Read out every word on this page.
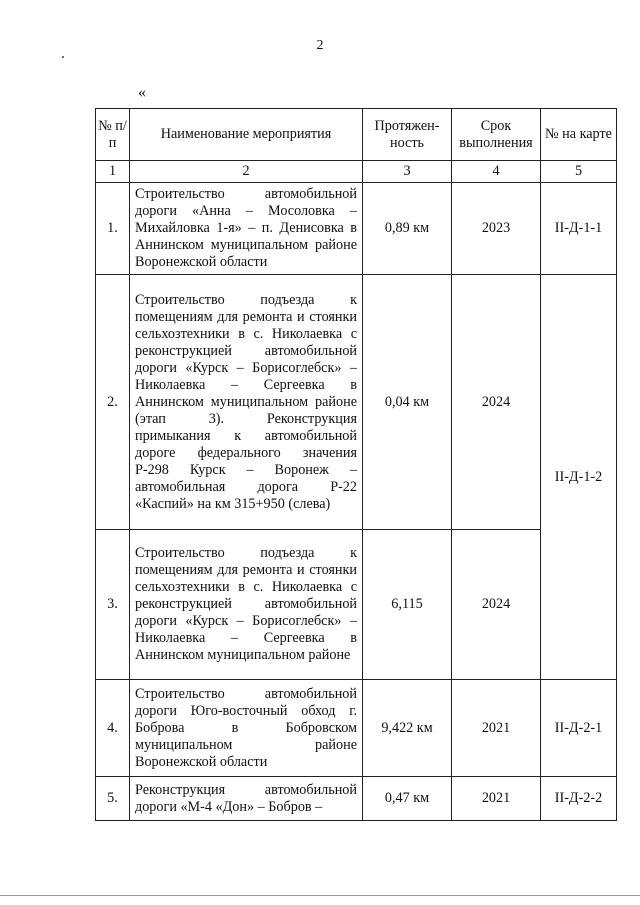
2
«
№ п/п	Наименование мероприятия	Протяжен-ность	Срок выполнения	№ на карте
1	2	3	4	5
1.	Строительство автомобильной дороги «Анна – Мосоловка – Михайловка 1-я» – п. Денисовка в Аннинском муниципальном районе Воронежской области	0,89 км	2023	II-Д-1-1
2.	Строительство подъезда к помещениям для ремонта и стоянки сельхозтехники в с. Николаевка с реконструкцией автомобильной дороги «Курск – Борисоглебск» – Николаевка – Сергеевка в Аннинском муниципальном районе (этап 3). Реконструкция примыкания к автомобильной дороге федерального значения Р-298 Курск – Воронеж – автомобильная дорога Р-22 «Каспий» на км 315+950 (слева)	0,04 км	2024	II-Д-1-2
3.	Строительство подъезда к помещениям для ремонта и стоянки сельхозтехники в с. Николаевка с реконструкцией автомобильной дороги «Курск – Борисоглебск» – Николаевка – Сергеевка в Аннинском муниципальном районе	6,115	2024	
4.	Строительство автомобильной дороги Юго-восточный обход г. Боброва в Бобровском муниципальном районе Воронежской области	9,422 км	2021	II-Д-2-1
5.	Реконструкция автомобильной дороги «М-4 «Дон» – Бобров –	0,47 км	2021	II-Д-2-2
